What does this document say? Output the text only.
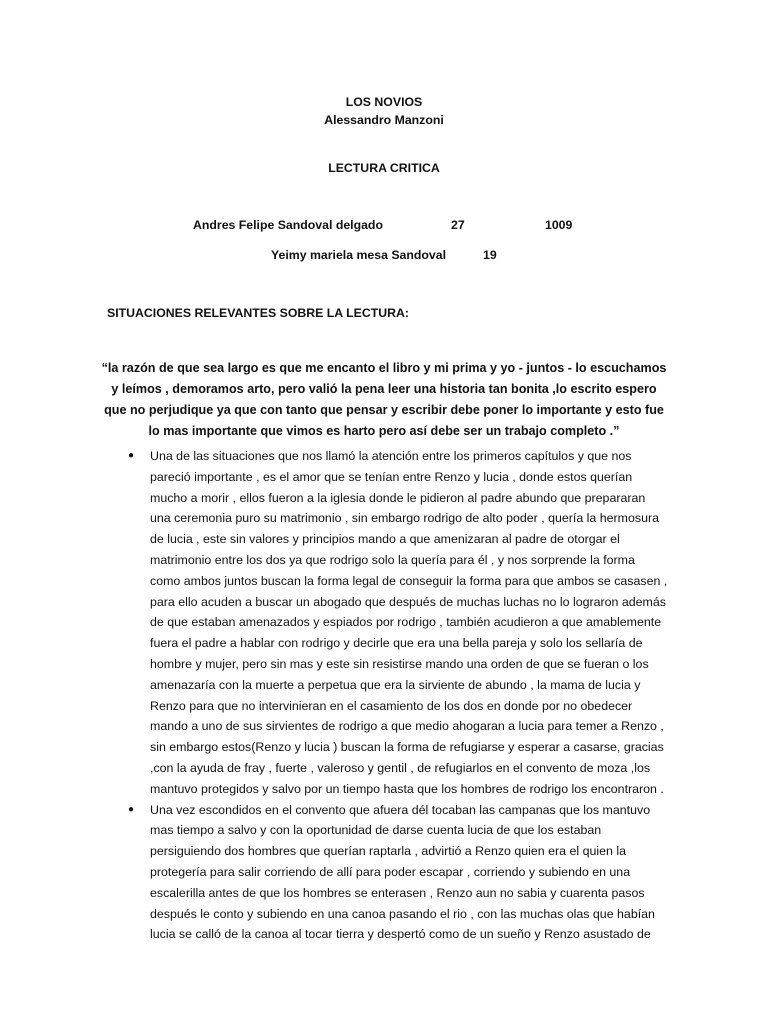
LOS NOVIOS
Alessandro Manzoni
LECTURA CRITICA
Andres Felipe Sandoval delgado	27	1009
Yeimy mariela mesa Sandoval	19
SITUACIONES RELEVANTES SOBRE LA LECTURA:
“la razón de que sea largo es que me encanto el libro y mi prima y yo - juntos - lo escuchamos y leímos , demoramos arto, pero valió la pena leer una historia tan bonita ,lo escrito espero que no perjudique ya que con tanto que pensar y escribir debe poner lo importante y esto fue lo mas importante que vimos es harto pero así debe ser un trabajo completo .”
● Una de las situaciones que nos llamó la atención entre los primeros capítulos y que nos pareció importante , es el amor que se tenían entre Renzo y lucia , donde estos querían mucho a morir , ellos fueron a la iglesia donde le pidieron al padre abundo que prepararan una ceremonia puro su matrimonio , sin embargo rodrigo de alto poder , quería la hermosura de lucia , este sin valores y principios mando a que amenizaran al padre de otorgar el matrimonio entre los dos ya que rodrigo solo la quería para él , y nos sorprende la forma como ambos juntos buscan la forma legal de conseguir la forma para que ambos se casasen , para ello acuden a buscar un abogado que después de muchas luchas no lo lograron además de que estaban amenazados y espiados por rodrigo , también acudieron a que amablemente fuera el padre a hablar con rodrigo y decirle que era una bella pareja y solo los sellaría de hombre y mujer, pero sin mas y este sin resistirse mando una orden de que se fueran o los amenazaría con la muerte a perpetua que era la sirviente de abundo , la mama de lucia y Renzo para que no intervinieran en el casamiento de los dos en donde por no obedecer mando a uno de sus sirvientes de rodrigo a que medio ahogaran a lucia para temer a Renzo , sin embargo estos(Renzo y lucia ) buscan la forma de refugiarse y esperar a casarse, gracias ,con la ayuda de fray , fuerte , valeroso y gentil , de refugiarlos en el convento de moza ,los mantuvo protegidos y salvo por un tiempo hasta que los hombres de rodrigo los encontraron .
● Una vez escondidos en el convento que afuera dél tocaban las campanas que los mantuvo mas tiempo a salvo y con la oportunidad de darse cuenta lucia de que los estaban persiguiendo dos hombres que querían raptarla , advirtió a Renzo quien era el quien la protegería para salir corriendo de allí para poder escapar , corriendo y subiendo en una escalerilla antes de que los hombres se enterasen , Renzo aun no sabia y cuarenta pasos después le conto y subiendo en una canoa pasando el rio , con las muchas olas que habían lucia se calló de la canoa al tocar tierra y despertó como de un sueño y Renzo asustado de
